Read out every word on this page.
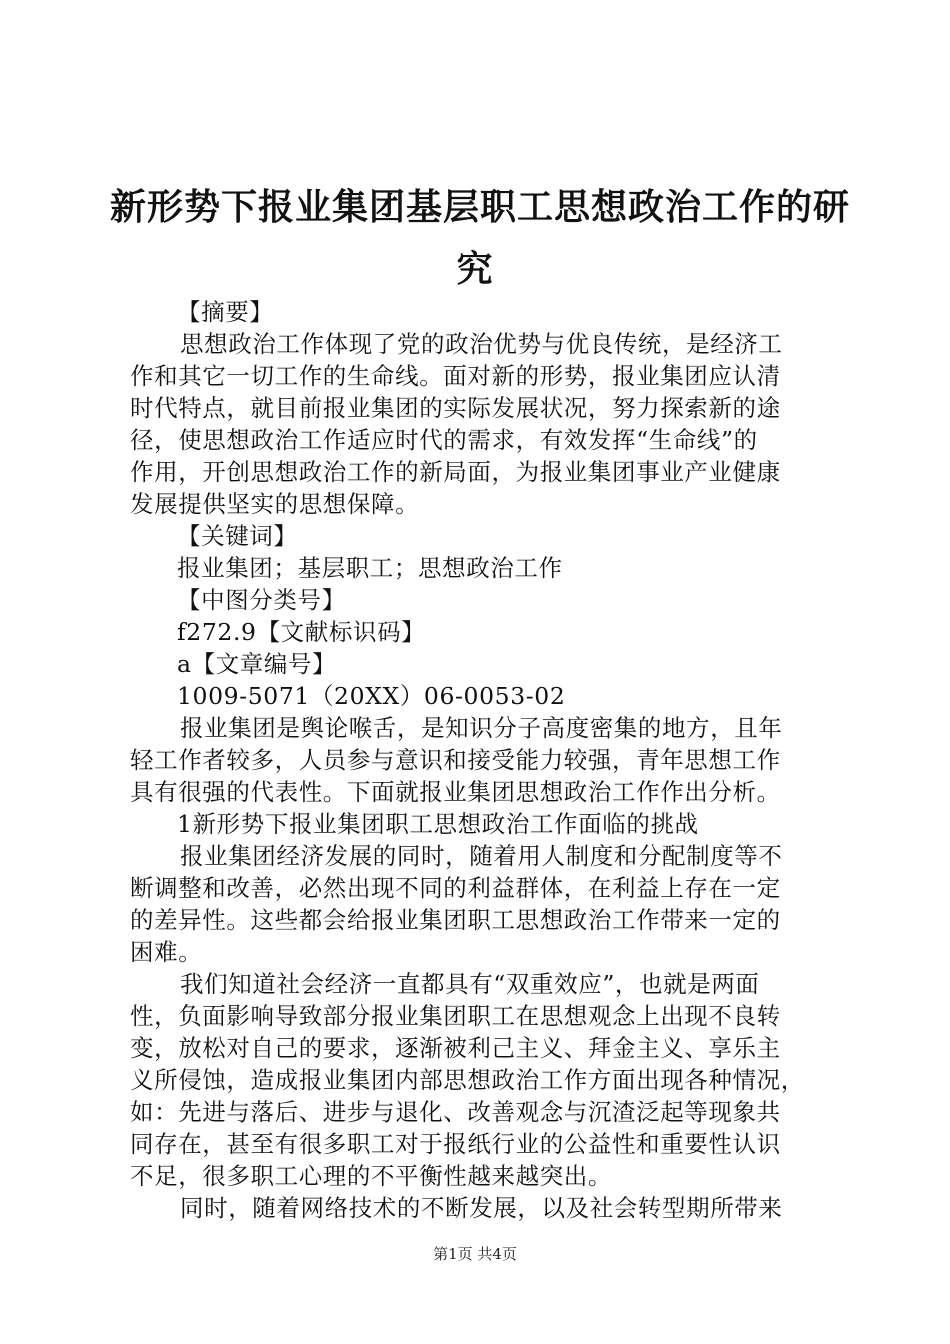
新形势下报业集团基层职工思想政治工作的研
究
【摘要】
思想政治工作体现了党的政治优势与优良传统，是经济工
作和其它一切工作的生命线。面对新的形势，报业集团应认清
时代特点，就目前报业集团的实际发展状况，努力探索新的途
径，使思想政治工作适应时代的需求，有效发挥“生命线”的
作用，开创思想政治工作的新局面，为报业集团事业产业健康
发展提供坚实的思想保障。
【关键词】
报业集团；基层职工；思想政治工作
【中图分类号】
f272.9【文献标识码】
a【文章编号】
1009-5071（20XX）06-0053-02
报业集团是舆论喉舌，是知识分子高度密集的地方，且年
轻工作者较多，人员参与意识和接受能力较强，青年思想工作
具有很强的代表性。下面就报业集团思想政治工作作出分析。
1新形势下报业集团职工思想政治工作面临的挑战
报业集团经济发展的同时，随着用人制度和分配制度等不
断调整和改善，必然出现不同的利益群体，在利益上存在一定
的差异性。这些都会给报业集团职工思想政治工作带来一定的
困难。
我们知道社会经济一直都具有“双重效应”，也就是两面
性，负面影响导致部分报业集团职工在思想观念上出现不良转
变，放松对自己的要求，逐渐被利己主义、拜金主义、享乐主
义所侵蚀，造成报业集团内部思想政治工作方面出现各种情况，
如：先进与落后、进步与退化、改善观念与沉渣泛起等现象共
同存在，甚至有很多职工对于报纸行业的公益性和重要性认识
不足，很多职工心理的不平衡性越来越突出。
同时，随着网络技术的不断发展，以及社会转型期所带来
第1页 共4页
